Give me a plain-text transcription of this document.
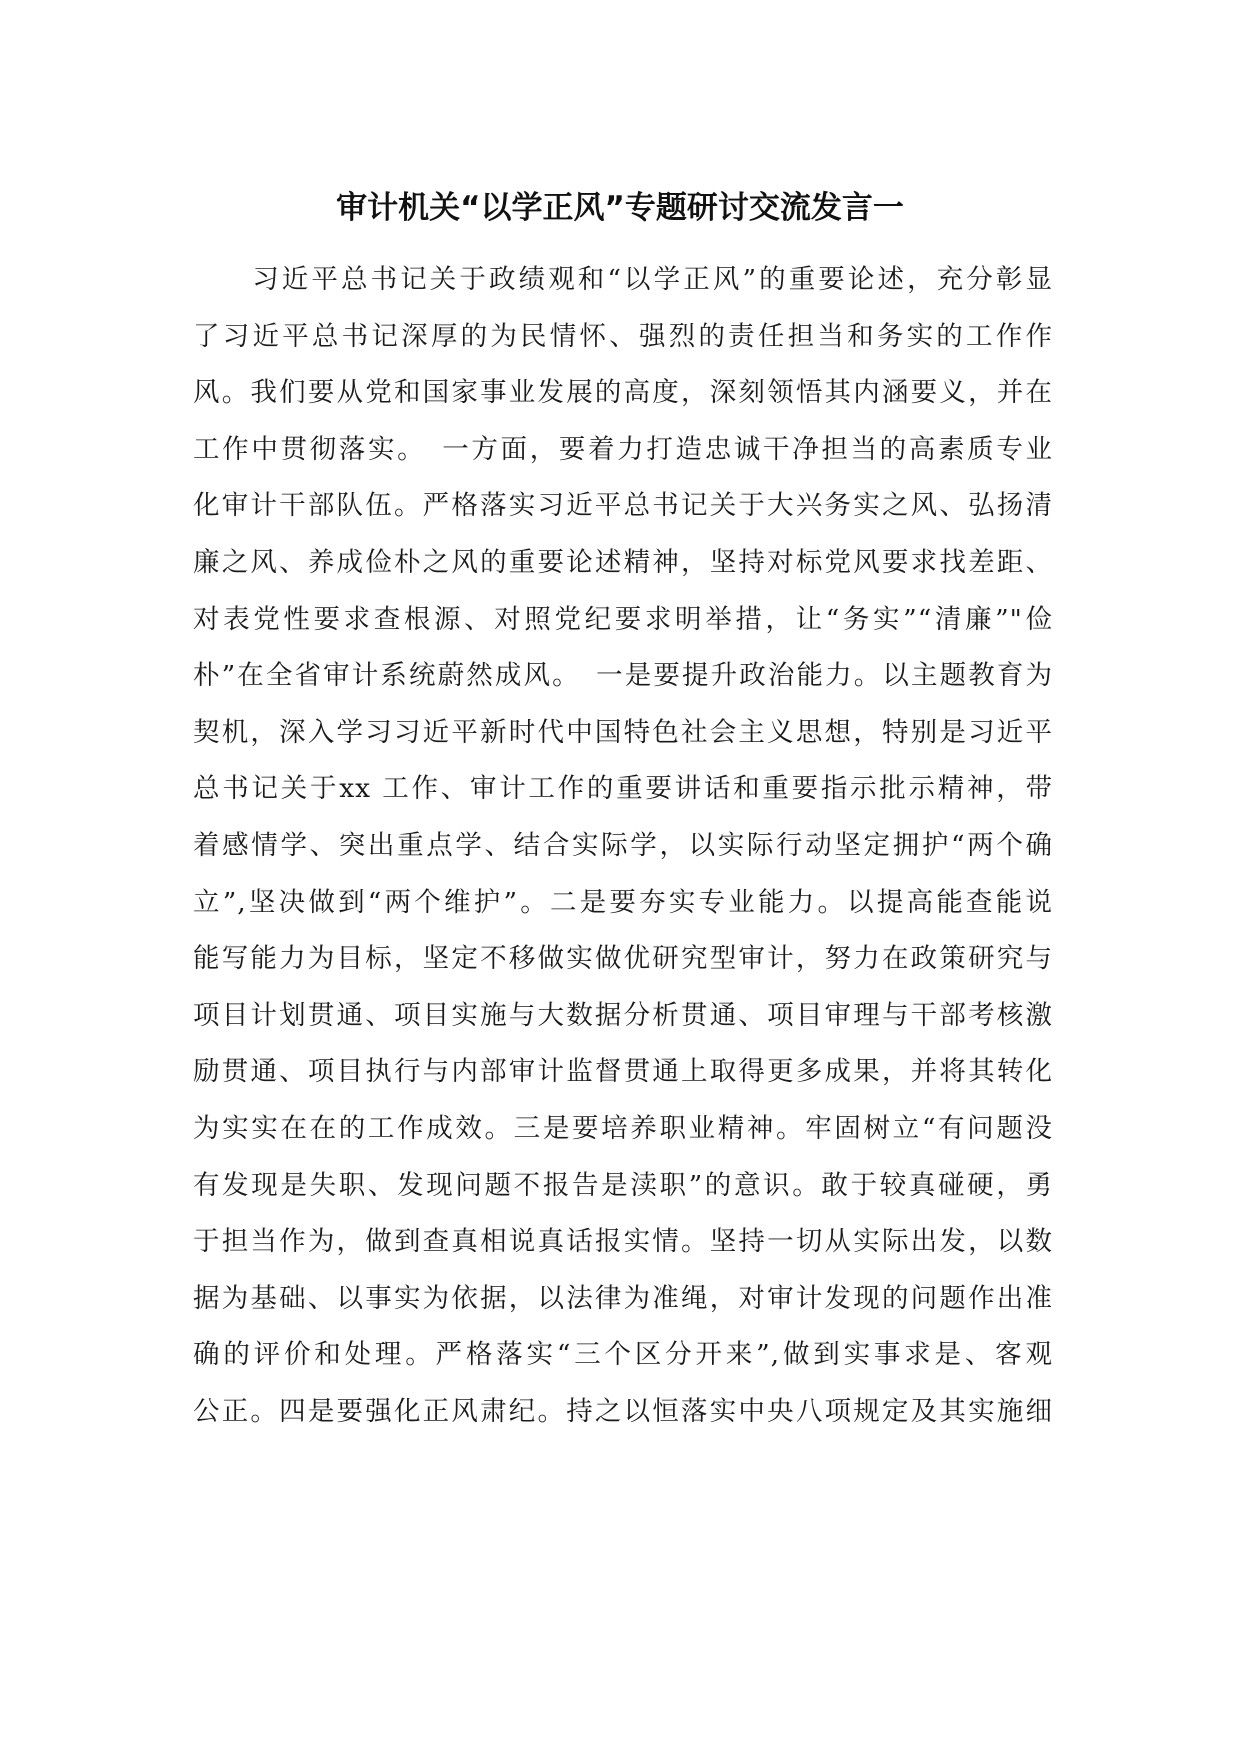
审计机关“以学正风”专题研讨交流发言一
　　习近平总书记关于政绩观和“以学正风”的重要论述，充分彰显
了习近平总书记深厚的为民情怀、强烈的责任担当和务实的工作作
风。我们要从党和国家事业发展的高度，深刻领悟其内涵要义，并在
工作中贯彻落实。　一方面，要着力打造忠诚干净担当的高素质专业
化审计干部队伍。严格落实习近平总书记关于大兴务实之风、弘扬清
廉之风、养成俭朴之风的重要论述精神，坚持对标党风要求找差距、
对表党性要求查根源、对照党纪要求明举措，让“务实”“清廉”"俭
朴”在全省审计系统蔚然成风。　一是要提升政治能力。以主题教育为
契机，深入学习习近平新时代中国特色社会主义思想，特别是习近平
总书记关于xx 工作、审计工作的重要讲话和重要指示批示精神，带
着感情学、突出重点学、结合实际学，以实际行动坚定拥护“两个确
立”,坚决做到“两个维护”。二是要夯实专业能力。以提高能查能说
能写能力为目标，坚定不移做实做优研究型审计，努力在政策研究与
项目计划贯通、项目实施与大数据分析贯通、项目审理与干部考核激
励贯通、项目执行与内部审计监督贯通上取得更多成果，并将其转化
为实实在在的工作成效。三是要培养职业精神。牢固树立“有问题没
有发现是失职、发现问题不报告是渎职”的意识。敢于较真碰硬，勇
于担当作为，做到查真相说真话报实情。坚持一切从实际出发，以数
据为基础、以事实为依据，以法律为准绳，对审计发现的问题作出准
确的评价和处理。严格落实“三个区分开来”,做到实事求是、客观
公正。四是要强化正风肃纪。持之以恒落实中央八项规定及其实施细
